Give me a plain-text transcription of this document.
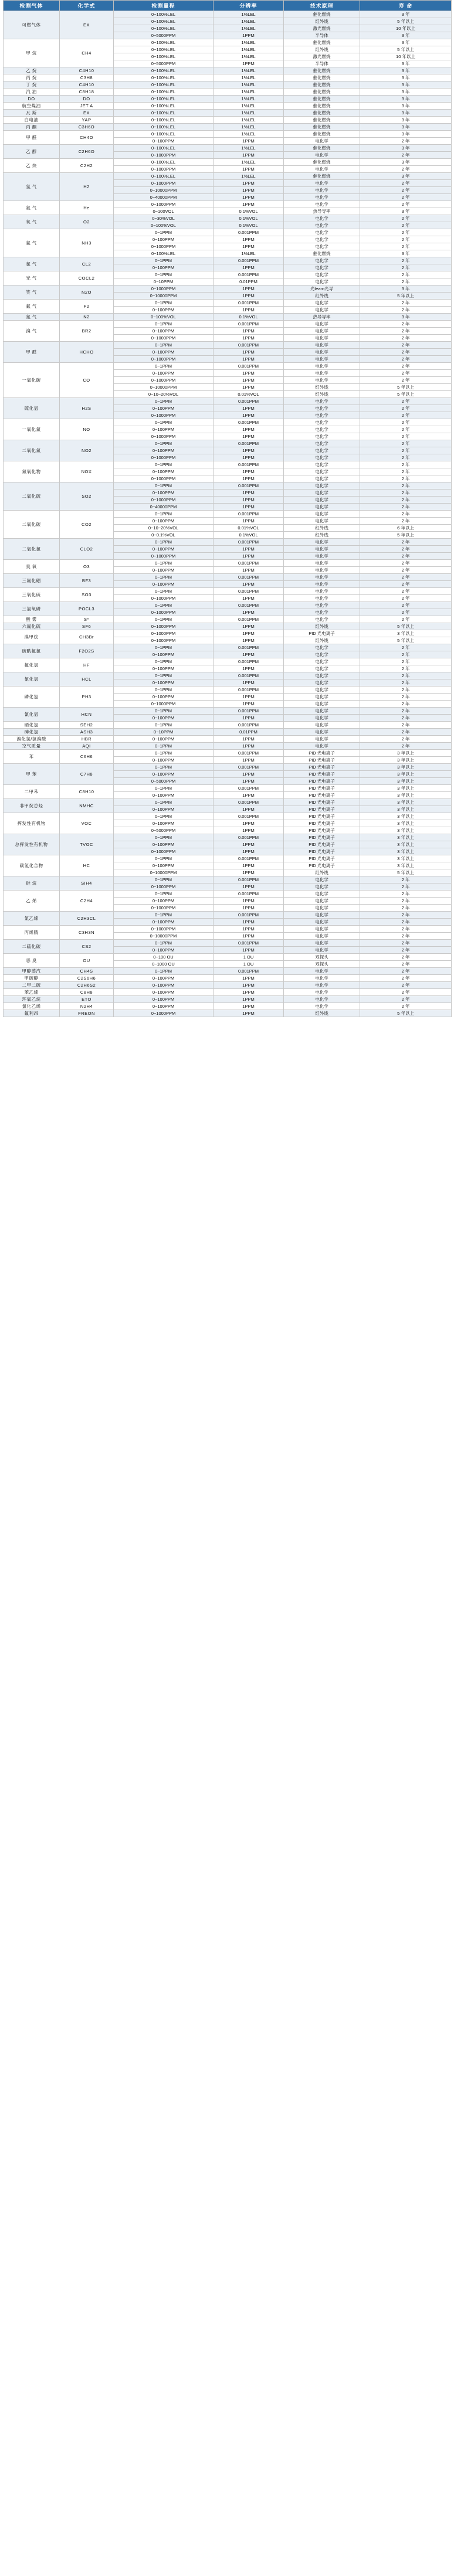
检测气体	化学式	检测量程	分辨率	技术原理	寿 命
可燃气体	EX	0~100%LEL	1%LEL	催化燃烧	3 年
		0~100%LEL	1%LEL	红外线	5 年以上
		0~100%LEL	1%LEL	激光燃烧	10 年以上
		0~5000PPM	1PPM	半导体	3 年
甲 烷	CH4	0~100%LEL	1%LEL	催化燃烧	3 年
		0~100%LEL	1%LEL	红外线	5 年以上
		0~100%LEL	1%LEL	激光燃烧	10 年以上
		0~5000PPM	1PPM	半导体	3 年
乙 烷	C4H10	0~100%LEL	1%LEL	催化燃烧	3 年
丙 烷	C3H8	0~100%LEL	1%LEL	催化燃烧	3 年
丁 烷	C4H10	0~100%LEL	1%LEL	催化燃烧	3 年
汽 油	C8H18	0~100%LEL	1%LEL	催化燃烧	3 年
DO	DO	0~100%LEL	1%LEL	催化燃烧	3 年
航空煤油	JET A	0~100%LEL	1%LEL	催化燃烧	3 年
瓦 斯	EX	0~100%LEL	1%LEL	催化燃烧	3 年
白电油	YAP	0~100%LEL	1%LEL	催化燃烧	3 年
丙 酮	C3H6O	0~100%LEL	1%LEL	催化燃烧	3 年
甲 醛	CH4O	0~100%LEL	1%LEL	催化燃烧	3 年
		0~100PPM	1PPM	电化学	2 年
乙 醇	C2H6O	0~100%LEL	1%LEL	催化燃烧	3 年
		0~1000PPM	1PPM	电化学	2 年
乙 炔	C2H2	0~100%LEL	1%LEL	催化燃烧	3 年
		0~1000PPM	1PPM	电化学	2 年
氢 气	H2	0~100%LEL	1%LEL	催化燃烧	3 年
		0~1000PPM	1PPM	电化学	2 年
		0~10000PPM	1PPM	电化学	2 年
		0~40000PPM	1PPM	电化学	2 年
氦 气	He	0~1000PPM	1PPM	电化学	2 年
		0~100VOL	0.1%VOL	热导导率	3 年
氧 气	O2	0~30%VOL	0.1%VOL	电化学	2 年
		0~100%VOL	0.1%VOL	电化学	2 年
氨 气	NH3	0~1PPM	0.001PPM	电化学	2 年
		0~100PPM	1PPM	电化学	2 年
		0~1000PPM	1PPM	电化学	2 年
		0~100%LEL	1%LEL	催化燃烧	3 年
氯 气	CL2	0~1PPM	0.001PPM	电化学	2 年
		0~100PPM	1PPM	电化学	2 年
光 气	COCL2	0~1PPM	0.001PPM	电化学	2 年
		0~10PPM	0.01PPM	电化学	2 年
笑 气	N2O	0~1000PPM	1PPM	光learn光导	3 年
		0~10000PPM	1PPM	红外线	5 年以上
氟 气	F2	0~1PPM	0.001PPM	电化学	2 年
		0~100PPM	1PPM	电化学	2 年
氮 气	N2	0~100%VOL	0.1%VOL	热导导率	3 年
溴 气	BR2	0~1PPM	0.001PPM	电化学	2 年
		0~100PPM	1PPM	电化学	2 年
		0~1000PPM	1PPM	电化学	2 年
甲 醛	HCHO	0~1PPM	0.001PPM	电化学	2 年
		0~100PPM	1PPM	电化学	2 年
		0~1000PPM	1PPM	电化学	2 年
一氧化碳	CO	0~1PPM	0.001PPM	电化学	2 年
		0~100PPM	1PPM	电化学	2 年
		0~1000PPM	1PPM	电化学	2 年
		0~10000PPM	1PPM	红外线	5 年以上
		0~10~20%VOL	0.01%VOL	红外线	5 年以上
硫化氢	H2S	0~1PPM	0.001PPM	电化学	2 年
		0~100PPM	1PPM	电化学	2 年
		0~1000PPM	1PPM	电化学	2 年
一氧化氮	NO	0~1PPM	0.001PPM	电化学	2 年
		0~100PPM	1PPM	电化学	2 年
		0~1000PPM	1PPM	电化学	2 年
二氧化氮	NO2	0~1PPM	0.001PPM	电化学	2 年
		0~100PPM	1PPM	电化学	2 年
		0~1000PPM	1PPM	电化学	2 年
氮氧化物	NOX	0~1PPM	0.001PPM	电化学	2 年
		0~100PPM	1PPM	电化学	2 年
		0~1000PPM	1PPM	电化学	2 年
二氧化硫	SO2	0~1PPM	0.001PPM	电化学	2 年
		0~100PPM	1PPM	电化学	2 年
		0~1000PPM	1PPM	电化学	2 年
		0~40000PPM	1PPM	电化学	2 年
二氧化碳	CO2	0~1PPM	0.001PPM	电化学	2 年
		0~100PPM	1PPM	电化学	2 年
		0~10~20%VOL	0.01%VOL	红外线	6 年以上
		0~0.1%VOL	0.1%VOL	红外线	5 年以上
二氧化氯	CLO2	0~1PPM	0.001PPM	电化学	2 年
		0~100PPM	1PPM	电化学	2 年
		0~1000PPM	1PPM	电化学	2 年
臭 氧	O3	0~1PPM	0.001PPM	电化学	2 年
		0~100PPM	1PPM	电化学	2 年
三氟化硼	BF3	0~1PPM	0.001PPM	电化学	2 年
		0~100PPM	1PPM	电化学	2 年
三氧化硫	SO3	0~1PPM	0.001PPM	电化学	2 年
		0~1000PPM	1PPM	电化学	2 年
三氯氧磷	POCL3	0~1PPM	0.001PPM	电化学	2 年
		0~1000PPM	1PPM	电化学	2 年
酸 雾	S*	0~1PPM	0.001PPM	电化学	2 年
六氟化硫	SF6	0~1000PPM	1PPM	红外线	5 年以上
溴甲烷	CH3Br	0~1000PPM	1PPM	PID 光电离子	3 年以上
		0~1000PPM	1PPM	红外线	5 年以上
硫酰氟氯	F2O2S	0~1PPM	0.001PPM	电化学	2 年
		0~100PPM	1PPM	电化学	2 年
氟化氢	HF	0~1PPM	0.001PPM	电化学	2 年
		0~100PPM	1PPM	电化学	2 年
氯化氢	HCL	0~1PPM	0.001PPM	电化学	2 年
		0~100PPM	1PPM	电化学	2 年
磷化氢	PH3	0~1PPM	0.001PPM	电化学	2 年
		0~100PPM	1PPM	电化学	2 年
		0~1000PPM	1PPM	电化学	2 年
氰化氢	HCN	0~1PPM	0.001PPM	电化学	2 年
		0~100PPM	1PPM	电化学	2 年
硒化氢	SEH2	0~1PPM	0.001PPM	电化学	2 年
砷化氢	ASH3	0~10PPM	0.01PPM	电化学	2 年
溴化氢/氢溴酸	HBR	0~100PPM	1PPM	电化学	2 年
空气质量	AQI	0~1PPM	1PPM	电化学	2 年
苯	C6H6	0~1PPM	0.001PPM	PID 光电离子	3 年以上
		0~100PPM	1PPM	PID 光电离子	3 年以上
甲 苯	C7H8	0~1PPM	0.001PPM	PID 光电离子	3 年以上
		0~100PPM	1PPM	PID 光电离子	3 年以上
		0~5000PPM	1PPM	PID 光电离子	3 年以上
二甲苯	C8H10	0~1PPM	0.001PPM	PID 光电离子	3 年以上
		0~100PPM	1PPM	PID 光电离子	3 年以上
非甲烷总烃	NMHC	0~1PPM	0.001PPM	PID 光电离子	3 年以上
		0~100PPM	1PPM	PID 光电离子	3 年以上
挥发性有机物	VOC	0~1PPM	0.001PPM	PID 光电离子	3 年以上
		0~100PPM	1PPM	PID 光电离子	3 年以上
		0~5000PPM	1PPM	PID 光电离子	3 年以上
总挥发性有机物	TVOC	0~1PPM	0.001PPM	PID 光电离子	3 年以上
		0~100PPM	1PPM	PID 光电离子	3 年以上
		0~1000PPM	1PPM	PID 光电离子	3 年以上
碳氢化合物	HC	0~1PPM	0.001PPM	PID 光电离子	3 年以上
		0~100PPM	1PPM	PID 光电离子	3 年以上
		0~10000PPM	1PPM	红外线	5 年以上
硅 烷	SIH4	0~1PPM	0.001PPM	电化学	2 年
		0~1000PPM	1PPM	电化学	2 年
乙 烯	C2H4	0~1PPM	0.001PPM	电化学	2 年
		0~100PPM	1PPM	电化学	2 年
		0~1000PPM	1PPM	电化学	2 年
氯乙烯	C2H3CL	0~1PPM	0.001PPM	电化学	2 年
		0~100PPM	1PPM	电化学	2 年
丙烯腈	C3H3N	0~1000PPM	1PPM	电化学	2 年
		0~10000PPM	1PPM	电化学	2 年
二硫化碳	CS2	0~1PPM	0.001PPM	电化学	2 年
		0~100PPM	1PPM	电化学	2 年
恶 臭	OU	0~100 OU	1 OU	双探头	2 年
		0~1000 OU	1 OU	双探头	2 年
甲醇蒸汽	CH4S	0~1PPM	0.001PPM	电化学	2 年
甲硫醇	C2S6H6	0~100PPM	1PPM	电化学	2 年
二甲二硫	C2H6S2	0~100PPM	1PPM	电化学	2 年
苯乙烯	C8H8	0~100PPM	1PPM	电化学	2 年
环氧乙烷	ETO	0~100PPM	1PPM	电化学	2 年
氯化乙烯	N2H4	0~100PPM	1PPM	电化学	2 年
氟利昂	FREON	0~1000PPM	1PPM	红外线	5 年以上
